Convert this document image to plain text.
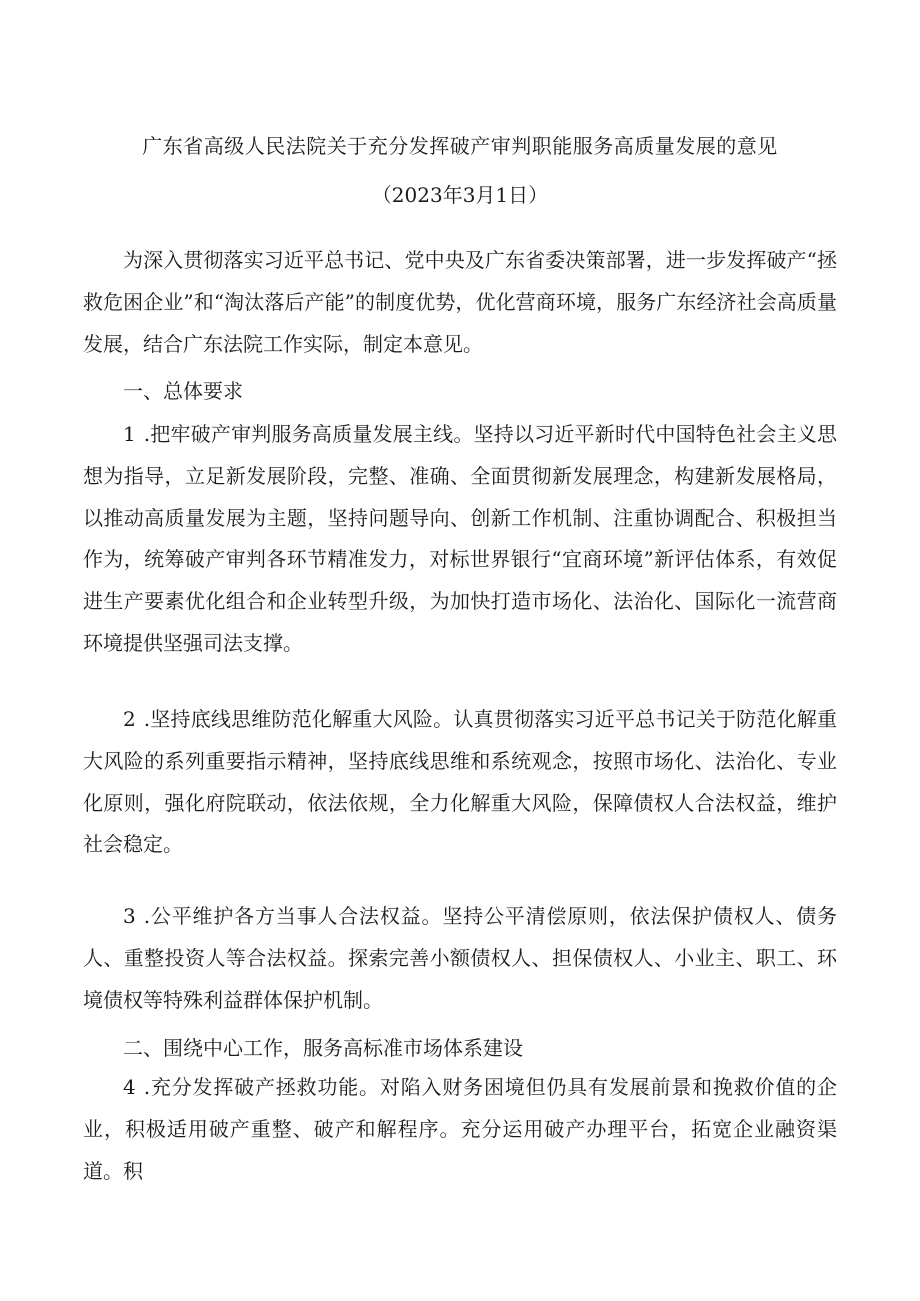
广东省高级人民法院关于充分发挥破产审判职能服务高质量发展的意见
（2023年3月1日）

为深入贯彻落实习近平总书记、党中央及广东省委决策部署，进一步发挥破产“拯救危困企业”和“淘汰落后产能”的制度优势，优化营商环境，服务广东经济社会高质量发展，结合广东法院工作实际，制定本意见。

一、总体要求

1 .把牢破产审判服务高质量发展主线。坚持以习近平新时代中国特色社会主义思想为指导，立足新发展阶段，完整、准确、全面贯彻新发展理念，构建新发展格局，以推动高质量发展为主题，坚持问题导向、创新工作机制、注重协调配合、积极担当作为，统筹破产审判各环节精准发力，对标世界银行“宜商环境”新评估体系，有效促进生产要素优化组合和企业转型升级，为加快打造市场化、法治化、国际化一流营商环境提供坚强司法支撑。

2 .坚持底线思维防范化解重大风险。认真贯彻落实习近平总书记关于防范化解重大风险的系列重要指示精神，坚持底线思维和系统观念，按照市场化、法治化、专业化原则，强化府院联动，依法依规，全力化解重大风险，保障债权人合法权益，维护社会稳定。

3 .公平维护各方当事人合法权益。坚持公平清偿原则，依法保护债权人、债务人、重整投资人等合法权益。探索完善小额债权人、担保债权人、小业主、职工、环境债权等特殊利益群体保护机制。

二、围绕中心工作，服务高标准市场体系建设

4 .充分发挥破产拯救功能。对陷入财务困境但仍具有发展前景和挽救价值的企业，积极适用破产重整、破产和解程序。充分运用破产办理平台，拓宽企业融资渠道。积
